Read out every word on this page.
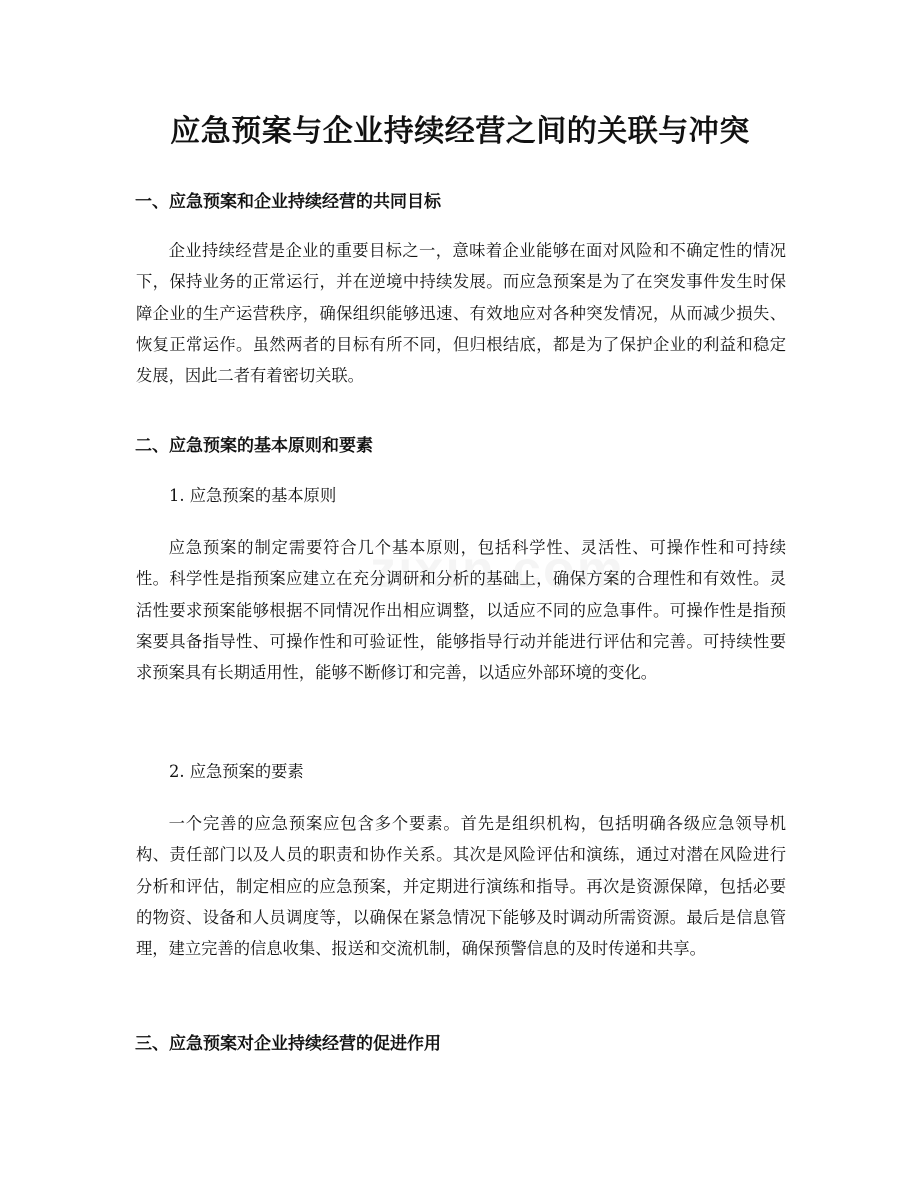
应急预案与企业持续经营之间的关联与冲突
一、应急预案和企业持续经营的共同目标

企业持续经营是企业的重要目标之一，意味着企业能够在面对风险和不确定性的情况下，保持业务的正常运行，并在逆境中持续发展。而应急预案是为了在突发事件发生时保障企业的生产运营秩序，确保组织能够迅速、有效地应对各种突发情况，从而减少损失、恢复正常运作。虽然两者的目标有所不同，但归根结底，都是为了保护企业的利益和稳定发展，因此二者有着密切关联。

二、应急预案的基本原则和要素

1. 应急预案的基本原则

应急预案的制定需要符合几个基本原则，包括科学性、灵活性、可操作性和可持续性。科学性是指预案应建立在充分调研和分析的基础上，确保方案的合理性和有效性。灵活性要求预案能够根据不同情况作出相应调整，以适应不同的应急事件。可操作性是指预案要具备指导性、可操作性和可验证性，能够指导行动并能进行评估和完善。可持续性要求预案具有长期适用性，能够不断修订和完善，以适应外部环境的变化。

2. 应急预案的要素

一个完善的应急预案应包含多个要素。首先是组织机构，包括明确各级应急领导机构、责任部门以及人员的职责和协作关系。其次是风险评估和演练，通过对潜在风险进行分析和评估，制定相应的应急预案，并定期进行演练和指导。再次是资源保障，包括必要的物资、设备和人员调度等，以确保在紧急情况下能够及时调动所需资源。最后是信息管理，建立完善的信息收集、报送和交流机制，确保预警信息的及时传递和共享。

三、应急预案对企业持续经营的促进作用
